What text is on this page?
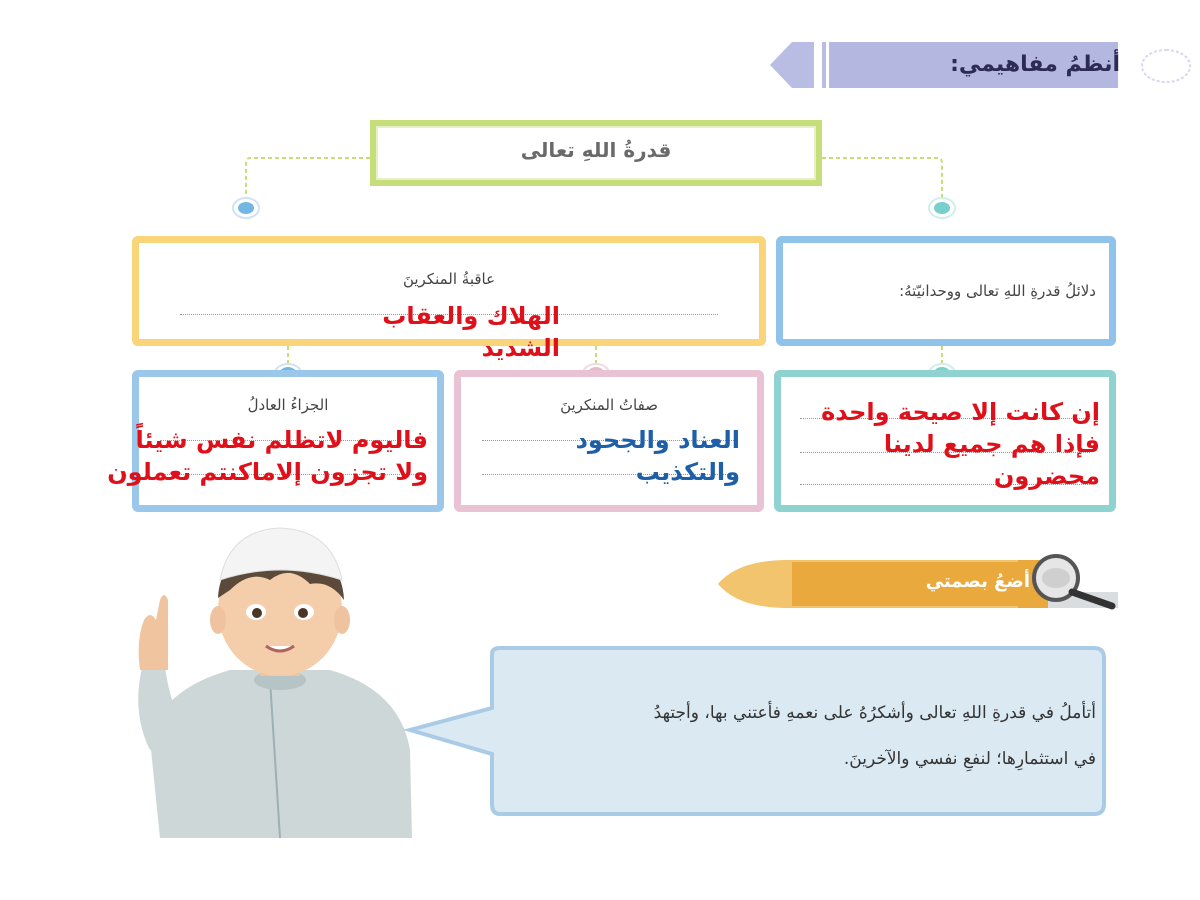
أنظمُ مفاهيمي:
قدرةُ اللهِ تعالى
عاقبةُ المنكرينَ
دلائلُ قدرةِ اللهِ تعالى ووحدانيّتهُ:
الجزاءُ العادلُ	صفاتُ المنكرينَ
الهلاك والعقاب الشديد
إن كانت إلا صيحة واحدة فإذا هم جميع لدينا محضرون
العناد والجحود والتكذيب
فاليوم لاتظلم نفس شيئاً ولا تجزون إلاماكنتم تعملون
أضعُ بصمتي
أتأملُ في قدرةِ اللهِ تعالى وأشكرُهُ على نعمهِ فأعتني بها، وأجتهدُ
في استثمارِها؛ لنفعِ نفسي والآخرينَ.
